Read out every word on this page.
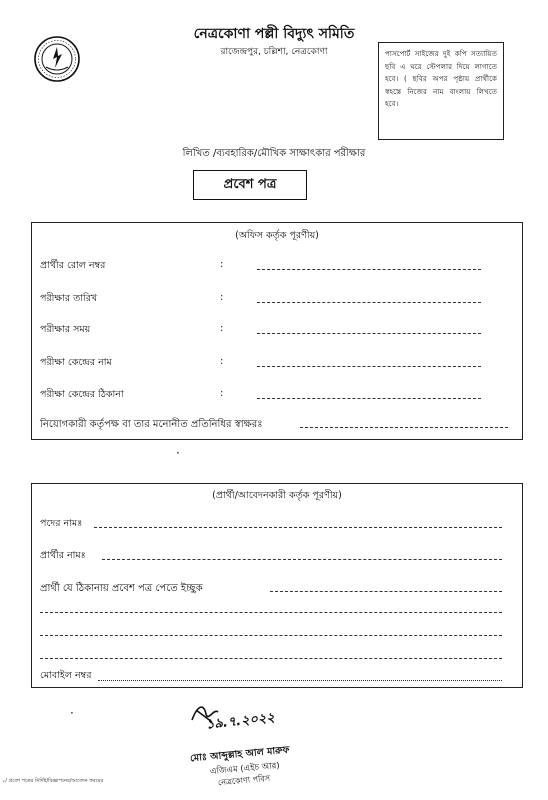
নেত্রকোণা পল্লী বিদ্যুৎ সমিতি
রাজেন্দ্রপুর, চল্লিশা, নেত্রকোণা	পাসপোর্ট সাইজের দুই কপি সত্যায়িত ছবি এ ঘরে স্টেপলার দিয়ে লাগাতে হবে। ( ছবির অপর পৃষ্ঠায় প্রার্থীকে স্বহস্তে নিজের নাম বাংলায় লিখতে হবে।
লিখিত /ব্যবহারিক/মৌখিক সাক্ষাৎকার পরীক্ষার
প্রবেশ পত্র
(অফিস কর্তৃক পূরণীয়)
প্রার্থীর রোল নম্বর	:
পরীক্ষার তারিখ	:
পরীক্ষার সময়	:
পরীক্ষা কেন্দ্রের নাম	:
পরীক্ষা কেন্দ্রের ঠিকানা	:
নিয়োগকারী কর্তৃপক্ষ বা তার মনোনীত প্রতিনিধির স্বাক্ষরঃ
·
(প্রার্থী/আবেদনকারী কর্তৃক পূরণীয়)
পদের নামঃ
প্রার্থীর নামঃ
প্রার্থী যে ঠিকানায় প্রবেশ পত্র পেতে ইচ্ছুক
মোবাইল নম্বর
·	১৯.৭.২০২২
মোঃ আব্দুল্লাহ আল মারুফ
এজিএম (এইচ আর)
নেত্রকোণা পবিস
১/ প্রবেশ পত্রের নির্দিষ্ট/বিজ্ঞাপনের/আবেদন ফরমের
